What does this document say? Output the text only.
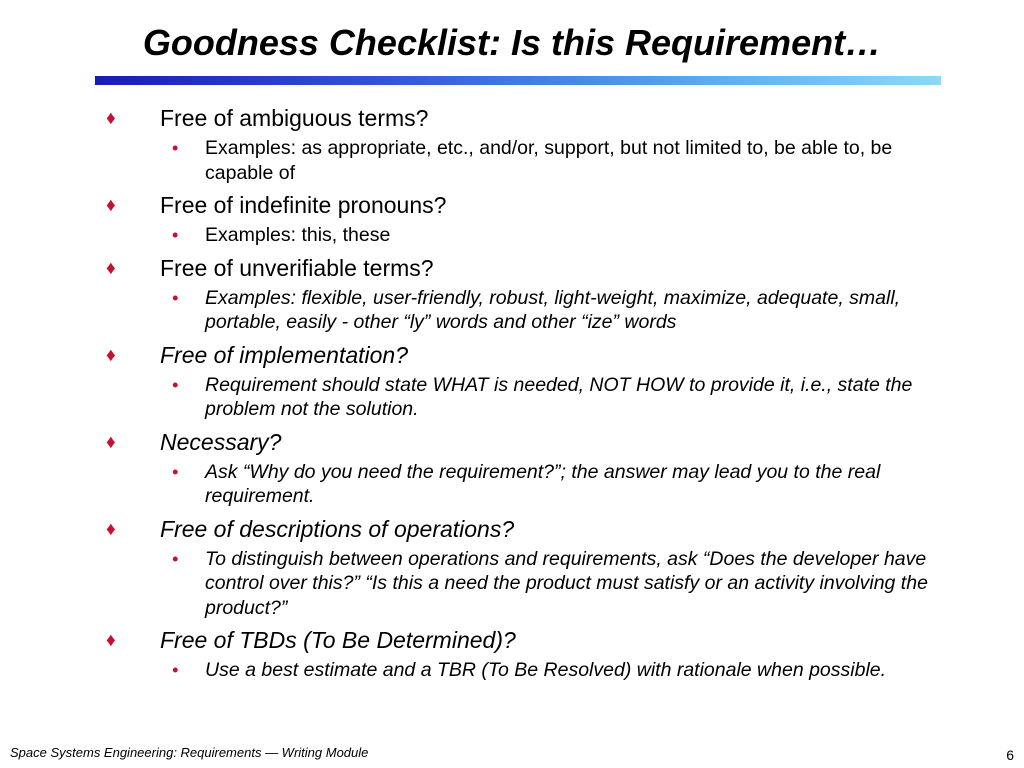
Goodness Checklist: Is this Requirement…
♦ Free of ambiguous terms?
• Examples: as appropriate, etc., and/or, support, but not limited to, be able to, be capable of
♦ Free of indefinite pronouns?
• Examples: this, these
♦ Free of unverifiable terms?
• Examples: flexible, user-friendly, robust, light-weight, maximize, adequate, small, portable, easily - other “ly” words and other “ize” words
♦ Free of implementation?
• Requirement should state WHAT is needed, NOT HOW to provide it, i.e., state the problem not the solution.
♦ Necessary?
• Ask “Why do you need the requirement?”; the answer may lead you to the real requirement.
♦ Free of descriptions of operations?
• To distinguish between operations and requirements, ask “Does the developer have control over this?” “Is this a need the product must satisfy or an activity involving the product?”
♦ Free of TBDs (To Be Determined)?
• Use a best estimate and a TBR (To Be Resolved) with rationale when possible.
Space Systems Engineering: Requirements — Writing Module	6
